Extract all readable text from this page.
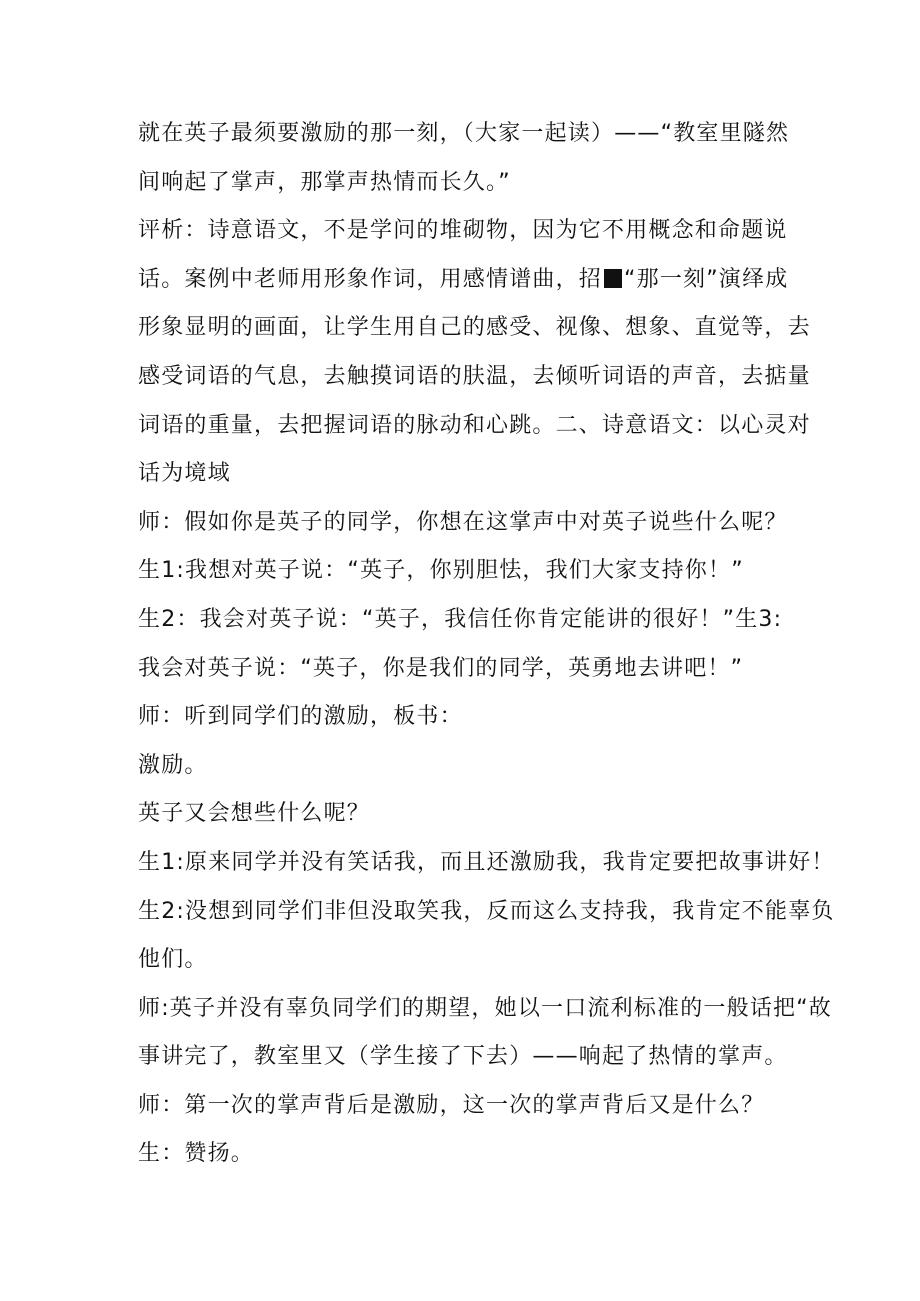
就在英子最须要激励的那一刻，（大家一起读）——“教室里隧然
间响起了掌声，那掌声热情而长久。”
评析：诗意语文，不是学问的堆砌物，因为它不用概念和命题说
话。案例中老师用形象作词，用感情谱曲，招 “那一刻”演绎成
形象显明的画面，让学生用自己的感受、视像、想象、直觉等，去
感受词语的气息，去触摸词语的肤温，去倾听词语的声音，去掂量
词语的重量，去把握词语的脉动和心跳。二、诗意语文：以心灵对
话为境域
师：假如你是英子的同学，你想在这掌声中对英子说些什么呢？
生1:我想对英子说：“英子，你别胆怯，我们大家支持你！”
生2：我会对英子说：“英子，我信任你肯定能讲的很好！”生3:
我会对英子说：“英子，你是我们的同学，英勇地去讲吧！”
师：听到同学们的激励，板书：
激励。
英子又会想些什么呢？
生1:原来同学并没有笑话我，而且还激励我，我肯定要把故事讲好！
生2:没想到同学们非但没取笑我，反而这么支持我，我肯定不能辜负
他们。
师:英子并没有辜负同学们的期望，她以一口流利标准的一般话把“故
事讲完了，教室里又（学生接了下去）——响起了热情的掌声。
师：第一次的掌声背后是激励，这一次的掌声背后又是什么？
生：赞扬。
